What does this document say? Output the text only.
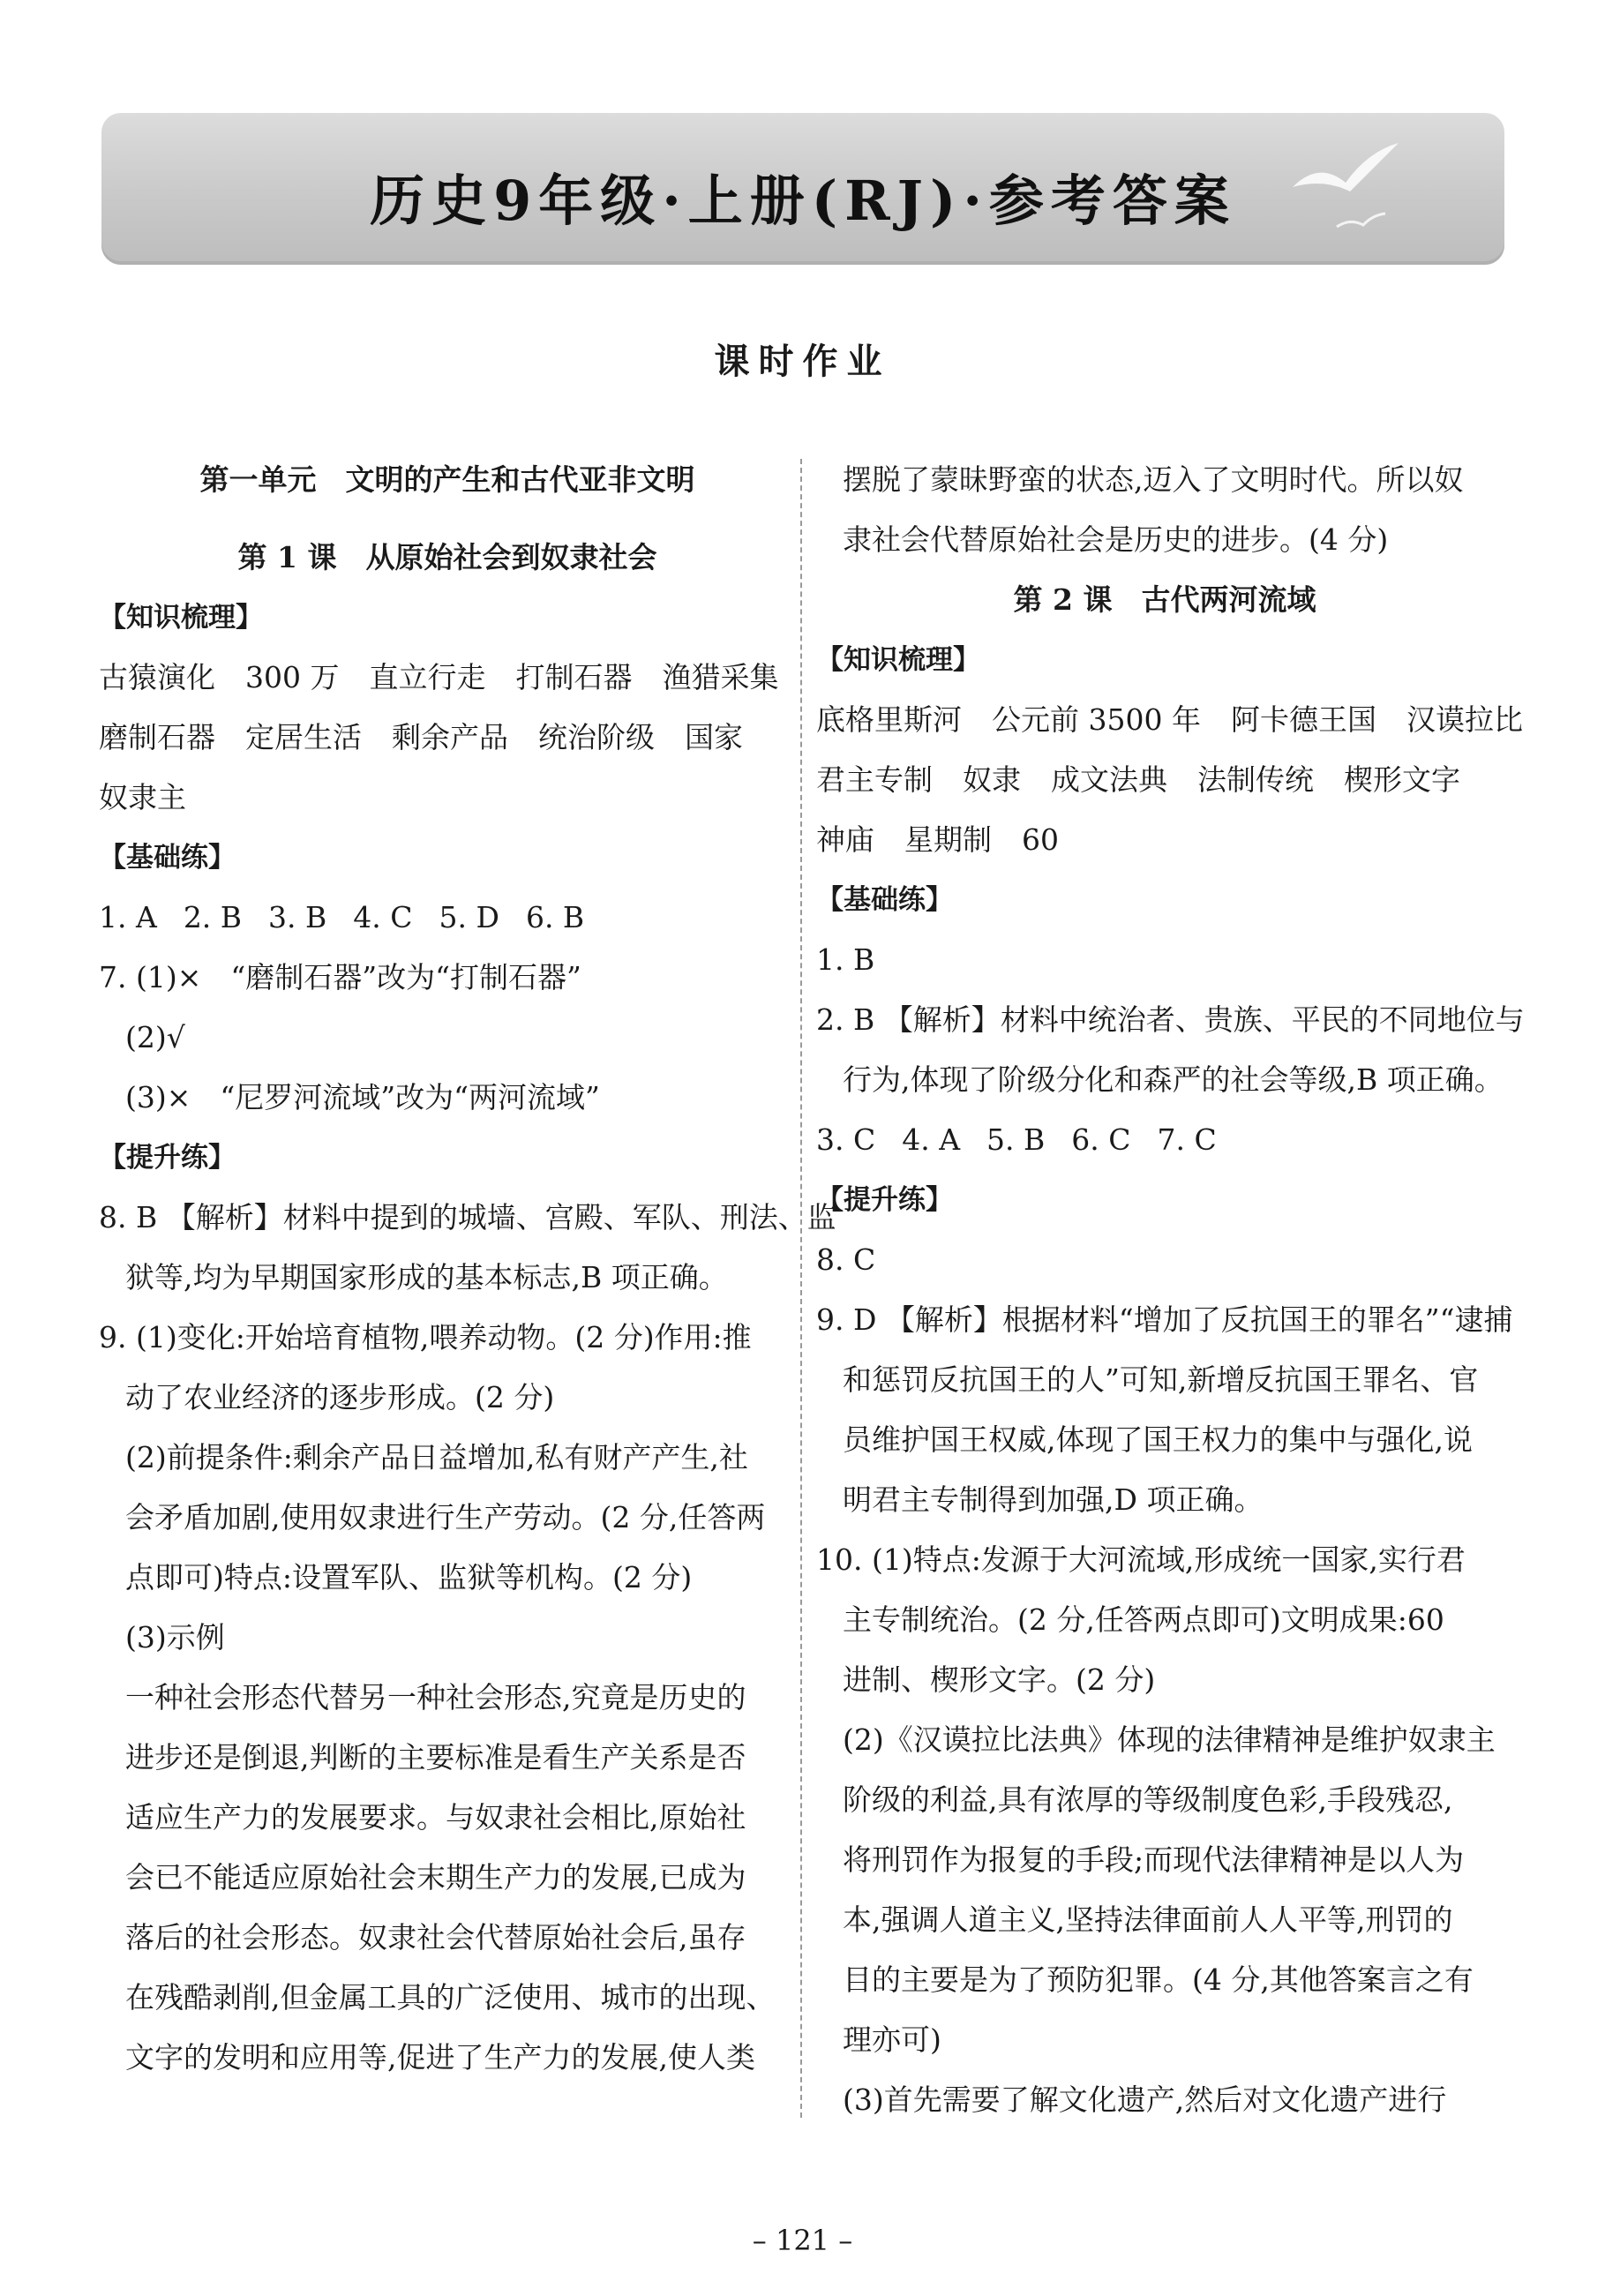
历史9年级·上册(RJ)·参考答案
课时作业
第一单元　文明的产生和古代亚非文明
第 1 课　从原始社会到奴隶社会
【知识梳理】
古猿演化 300 万 直立行走 打制石器 渔猎采集
磨制石器 定居生活 剩余产品 统治阶级 国家
奴隶主
【基础练】
1. A 2. B 3. B 4. C 5. D 6. B
7. (1)×　“磨制石器”改为“打制石器”
(2)√
(3)×　“尼罗河流域”改为“两河流域”
【提升练】
8. B 【解析】材料中提到的城墙、宫殿、军队、刑法、监
狱等,均为早期国家形成的基本标志,B 项正确。
9. (1)变化:开始培育植物,喂养动物。(2 分)作用:推
动了农业经济的逐步形成。(2 分)
(2)前提条件:剩余产品日益增加,私有财产产生,社
会矛盾加剧,使用奴隶进行生产劳动。(2 分,任答两
点即可)特点:设置军队、监狱等机构。(2 分)
(3)示例
一种社会形态代替另一种社会形态,究竟是历史的
进步还是倒退,判断的主要标准是看生产关系是否
适应生产力的发展要求。与奴隶社会相比,原始社
会已不能适应原始社会末期生产力的发展,已成为
落后的社会形态。奴隶社会代替原始社会后,虽存
在残酷剥削,但金属工具的广泛使用、城市的出现、
文字的发明和应用等,促进了生产力的发展,使人类
摆脱了蒙昧野蛮的状态,迈入了文明时代。所以奴
隶社会代替原始社会是历史的进步。(4 分)
第 2 课　古代两河流域
【知识梳理】
底格里斯河 公元前 3500 年 阿卡德王国 汉谟拉比
君主专制 奴隶 成文法典 法制传统 楔形文字
神庙 星期制 60
【基础练】
1. B
2. B 【解析】材料中统治者、贵族、平民的不同地位与
行为,体现了阶级分化和森严的社会等级,B 项正确。
3. C 4. A 5. B 6. C 7. C
【提升练】
8. C
9. D 【解析】根据材料“增加了反抗国王的罪名”“逮捕
和惩罚反抗国王的人”可知,新增反抗国王罪名、官
员维护国王权威,体现了国王权力的集中与强化,说
明君主专制得到加强,D 项正确。
10. (1)特点:发源于大河流域,形成统一国家,实行君
主专制统治。(2 分,任答两点即可)文明成果:60
进制、楔形文字。(2 分)
(2)《汉谟拉比法典》体现的法律精神是维护奴隶主
阶级的利益,具有浓厚的等级制度色彩,手段残忍,
将刑罚作为报复的手段;而现代法律精神是以人为
本,强调人道主义,坚持法律面前人人平等,刑罚的
目的主要是为了预防犯罪。(4 分,其他答案言之有
理亦可)
(3)首先需要了解文化遗产,然后对文化遗产进行
– 121 –
